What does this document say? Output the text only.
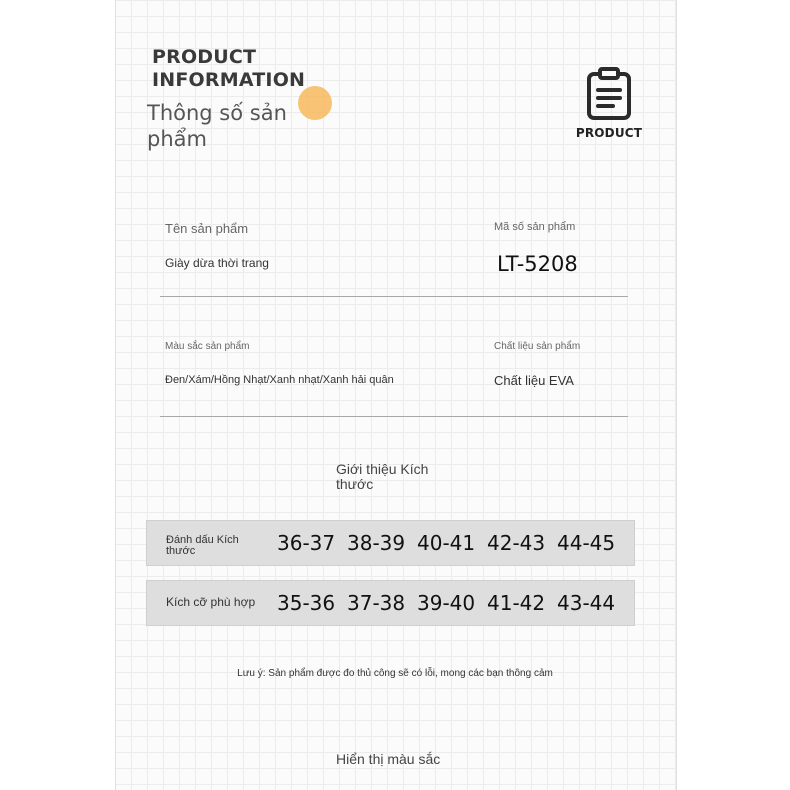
PRODUCT
INFORMATION
Thông số sản phẩm	PRODUCT
Tên sản phẩm
Giày dừa thời trang
Mã số sản phẩm
LT-5208
Màu sắc sản phẩm
Đen/Xám/Hồng Nhạt/Xanh nhạt/Xanh hải quân
Chất liệu sản phẩm
Chất liệu EVA
Giới thiệu Kích thước
Đánh dấu Kích thước	36-37 38-39 40-41 42-43 44-45
Kích cỡ phù hợp 35-36 37-38 39-40 41-42 43-44
Lưu ý: Sản phẩm được đo thủ công sẽ có lỗi, mong các bạn thông cảm
Hiển thị màu sắc
